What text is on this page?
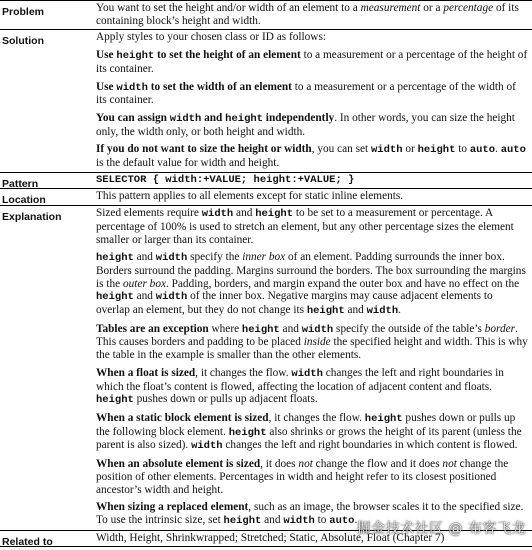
Problem	You want to set the height and/or width of an element to a measurement or a percentage of its containing block’s height and width.

Solution	Apply styles to your chosen class or ID as follows:

Use height to set the height of an element to a measurement or a percentage of the height of its container.

Use width to set the width of an element to a measurement or a percentage of the width of its container.

You can assign width and height independently. In other words, you can size the height only, the width only, or both height and width.

If you do not want to size the height or width, you can set width or height to auto. auto is the default value for width and height.

Pattern	SELECTOR { width:+VALUE; height:+VALUE; }

Location	This pattern applies to all elements except for static inline elements.

Explanation	Sized elements require width and height to be set to a measurement or percentage. A percentage of 100% is used to stretch an element, but any other percentage sizes the element smaller or larger than its container.

height and width specify the inner box of an element. Padding surrounds the inner box. Borders surround the padding. Margins surround the borders. The box surrounding the margins is the outer box. Padding, borders, and margin expand the outer box and have no effect on the height and width of the inner box. Negative margins may cause adjacent elements to overlap an element, but they do not change its height and width.

Tables are an exception where height and width specify the outside of the table’s border. This causes borders and padding to be placed inside the specified height and width. This is why the table in the example is smaller than the other elements.

When a float is sized, it changes the flow. width changes the left and right boundaries in which the float’s content is flowed, affecting the location of adjacent content and floats. height pushes down or pulls up adjacent floats.

When a static block element is sized, it changes the flow. height pushes down or pulls up the following block element. height also shrinks or grows the height of its parent (unless the parent is also sized). width changes the left and right boundaries in which content is flowed.

When an absolute element is sized, it does not change the flow and it does not change the position of other elements. Percentages in width and height refer to its closest positioned ancestor’s width and height.

When sizing a replaced element, such as an image, the browser scales it to the specified size. To use the intrinsic size, set height and width to auto.

Related to	Width, Height, Shrinkwrapped; Stretched; Static, Absolute, Float (Chapter 7)

掘金技术社区 @ 布客飞龙
